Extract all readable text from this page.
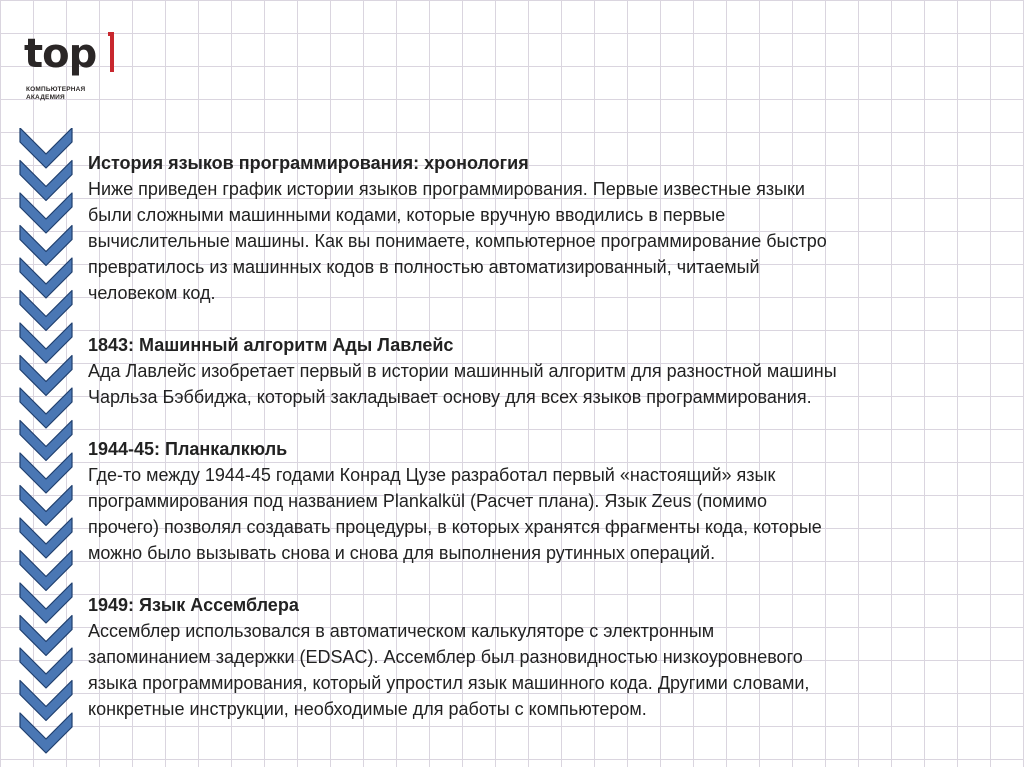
top
КОМПЬЮТЕРНАЯ
АКАДЕМИЯ
История языков программирования: хронология
Ниже приведен график истории языков программирования. Первые известные языки
были сложными машинными кодами, которые вручную вводились в первые
вычислительные машины. Как вы понимаете, компьютерное программирование быстро
превратилось из машинных кодов в полностью автоматизированный, читаемый
человеком код.
1843: Машинный алгоритм Ады Лавлейс
Ада Лавлейс изобретает первый в истории машинный алгоритм для разностной машины
Чарльза Бэббиджа, который закладывает основу для всех языков программирования.
1944-45: Планкалкюль
Где-то между 1944-45 годами Конрад Цузе разработал первый «настоящий» язык
программирования под названием Plankalkül (Расчет плана). Язык Zeus (помимо
прочего) позволял создавать процедуры, в которых хранятся фрагменты кода, которые
можно было вызывать снова и снова для выполнения рутинных операций.
1949: Язык Ассемблера
Ассемблер использовался в автоматическом калькуляторе с электронным
запоминанием задержки (EDSAC). Ассемблер был разновидностью низкоуровневого
языка программирования, который упростил язык машинного кода. Другими словами,
конкретные инструкции, необходимые для работы с компьютером.
